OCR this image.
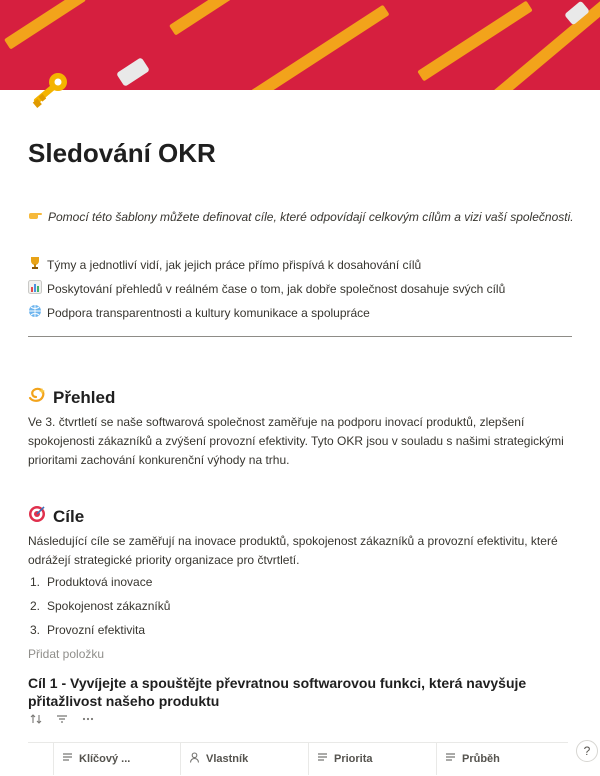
Sledování OKR
Pomocí této šablony můžete definovat cíle, které odpovídají celkovým cílům a vizi vaší společnosti.
Týmy a jednotliví vidí, jak jejich práce přímo přispívá k dosahování cílů
Poskytování přehledů v reálném čase o tom, jak dobře společnost dosahuje svých cílů
Podpora transparentnosti a kultury komunikace a spolupráce
Přehled

Ve 3. čtvrtletí se naše softwarová společnost zaměřuje na podporu inovací produktů, zlepšení spokojenosti zákazníků a zvýšení provozní efektivity. Tyto OKR jsou v souladu s našimi strategickými prioritami zachování konkurenční výhody na trhu.

Cíle

Následující cíle se zaměřují na inovace produktů, spokojenost zákazníků a provozní efektivitu, které odrážejí strategické priority organizace pro čtvrtletí.

1. Produktová inovace
2. Spokojenost zákazníků
3. Provozní efektivita
Přidat položku
Cíl 1 - Vyvíjejte a spouštějte převratnou softwarovou funkci, která navyšuje přitažlivost našeho produktu
Klíčový ...	Vlastník	Priorita	Průběh
?
